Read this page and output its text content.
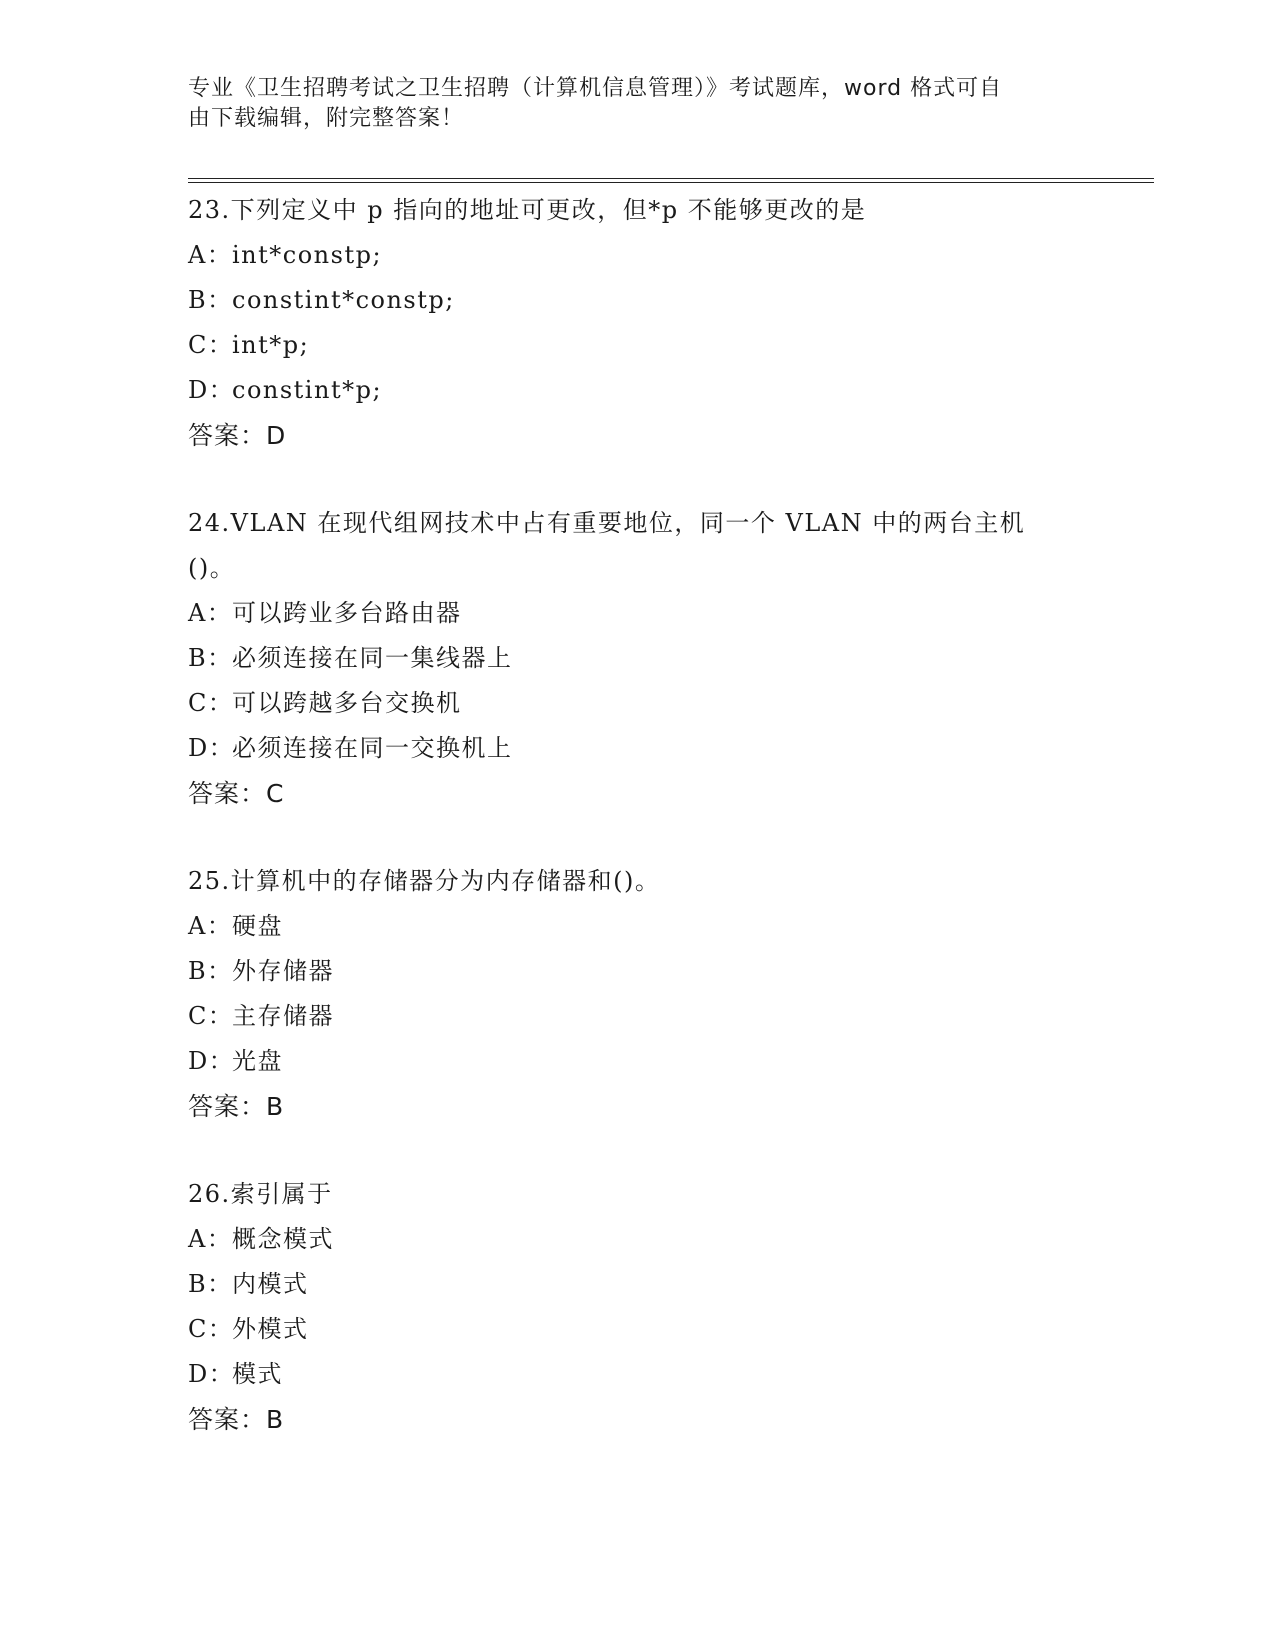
专业《卫生招聘考试之卫生招聘（计算机信息管理）》考试题库，word 格式可自
由下载编辑，附完整答案！
23.下列定义中 p 指向的地址可更改，但*p 不能够更改的是
A：int*constp;
B：constint*constp;
C：int*p;
D：constint*p;
答案：D
24.VLAN 在现代组网技术中占有重要地位，同一个 VLAN 中的两台主机
()。
A：可以跨业多台路由器
B：必须连接在同一集线器上
C：可以跨越多台交换机
D：必须连接在同一交换机上
答案：C
25.计算机中的存储器分为内存储器和()。
A：硬盘
B：外存储器
C：主存储器
D：光盘
答案：B
26.索引属于
A：概念模式
B：内模式
C：外模式
D：模式
答案：B
